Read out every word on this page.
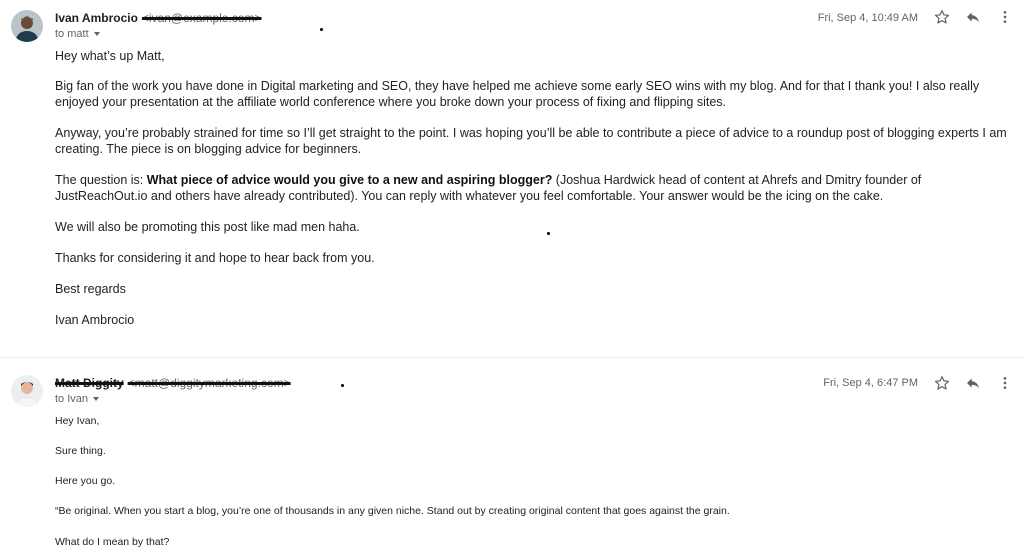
Ivan Ambrocio <ivan@example.com>
to matt
Fri, Sep 4, 10:49 AM

Hey what’s up Matt,

Big fan of the work you have done in Digital marketing and SEO, they have helped me achieve some early SEO wins with my blog. And for that I thank you! I also really enjoyed your presentation at the affiliate world conference where you broke down your process of fixing and flipping sites.

Anyway, you’re probably strained for time so I’ll get straight to the point. I was hoping you’ll be able to contribute a piece of advice to a roundup post of blogging experts I am creating. The piece is on blogging advice for beginners.

The question is: What piece of advice would you give to a new and aspiring blogger? (Joshua Hardwick head of content at Ahrefs and Dmitry founder of JustReachOut.io and others have already contributed). You can reply with whatever you feel comfortable. Your answer would be the icing on the cake.

We will also be promoting this post like mad men haha.

Thanks for considering it and hope to hear back from you.

Best regards

Ivan Ambrocio

Matt Diggity <matt@diggitymarketing.com>
to Ivan
Fri, Sep 4, 6:47 PM

Hey Ivan,

Sure thing.

Here you go.

“Be original. When you start a blog, you’re one of thousands in any given niche. Stand out by creating original content that goes against the grain.

What do I mean by that?
